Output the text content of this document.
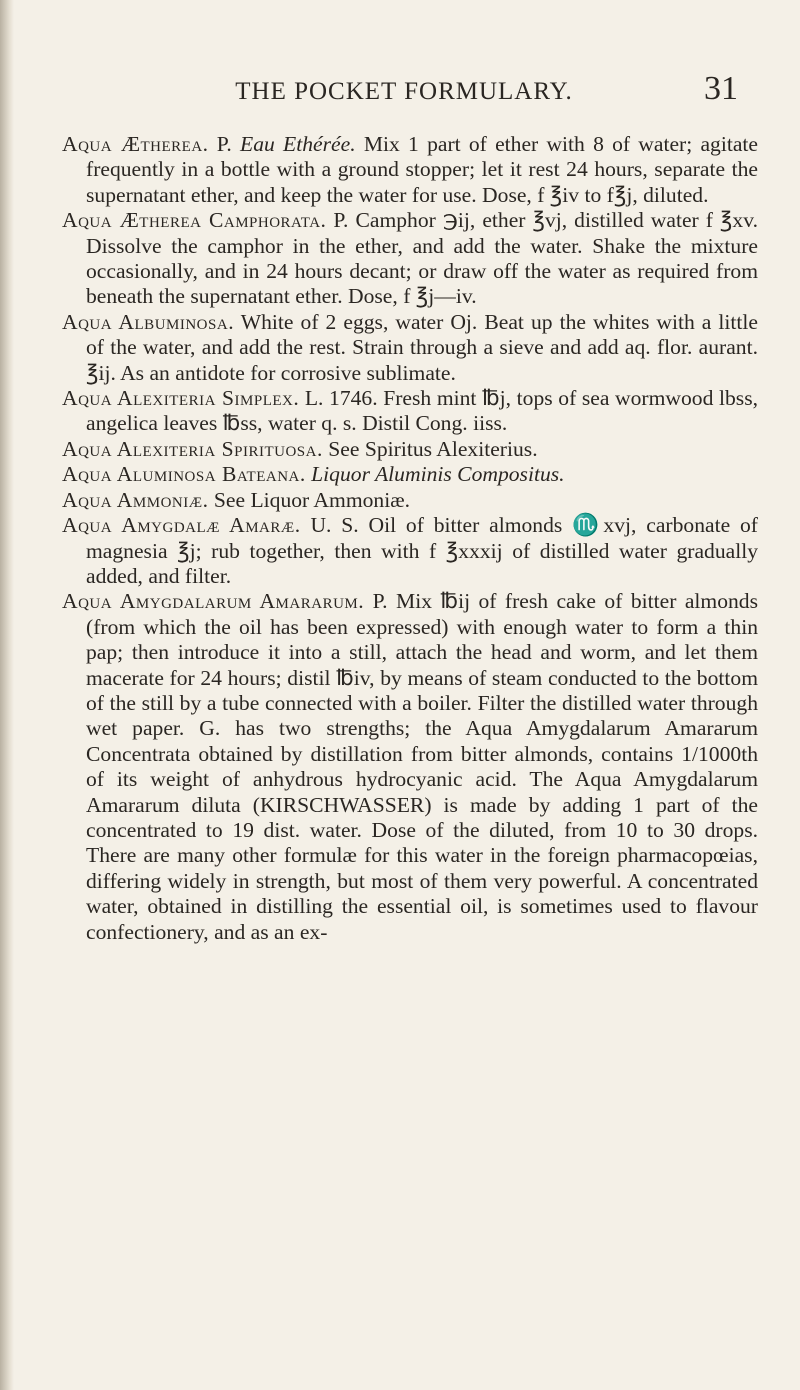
THE POCKET FORMULARY.	31

Aqua Ætherea. P. Eau Ethérée. Mix 1 part of ether with 8 of water; agitate frequently in a bottle with a ground stopper; let it rest 24 hours, separate the supernatant ether, and keep the water for use. Dose, f ℥iv to f℥j, diluted.

Aqua Ætherea Camphorata. P. Camphor ℈ij, ether ℥vj, distilled water f ℥xv. Dissolve the camphor in the ether, and add the water. Shake the mixture occasionally, and in 24 hours decant; or draw off the water as required from beneath the supernatant ether. Dose, f ℥j—iv.

Aqua Albuminosa. White of 2 eggs, water Oj. Beat up the whites with a little of the water, and add the rest. Strain through a sieve and add aq. flor. aurant. ℥ij. As an antidote for corrosive sublimate.

Aqua Alexiteria Simplex. L. 1746. Fresh mint ℔j, tops of sea wormwood lbss, angelica leaves ℔ss, water q. s. Distil Cong. iiss.

Aqua Alexiteria Spirituosa. See Spiritus Alexiterius.

Aqua Aluminosa Bateana. Liquor Aluminis Compositus.

Aqua Ammoniæ. See Liquor Ammoniæ.

Aqua Amygdalæ Amaræ. U. S. Oil of bitter almonds ♏xvj, carbonate of magnesia ℥j; rub together, then with f ℥xxxij of distilled water gradually added, and filter.

Aqua Amygdalarum Amararum. P. Mix ℔ij of fresh cake of bitter almonds (from which the oil has been expressed) with enough water to form a thin pap; then introduce it into a still, attach the head and worm, and let them macerate for 24 hours; distil ℔iv, by means of steam conducted to the bottom of the still by a tube connected with a boiler. Filter the distilled water through wet paper. G. has two strengths; the Aqua Amygdalarum Amararum Concentrata obtained by distillation from bitter almonds, contains 1/1000th of its weight of anhydrous hydrocyanic acid. The Aqua Amygdalarum Amararum diluta (KIRSCHWASSER) is made by adding 1 part of the concentrated to 19 dist. water. Dose of the diluted, from 10 to 30 drops. There are many other formulæ for this water in the foreign pharmacopœias, differing widely in strength, but most of them very powerful. A concentrated water, obtained in distilling the essential oil, is sometimes used to flavour confectionery, and as an ex-
